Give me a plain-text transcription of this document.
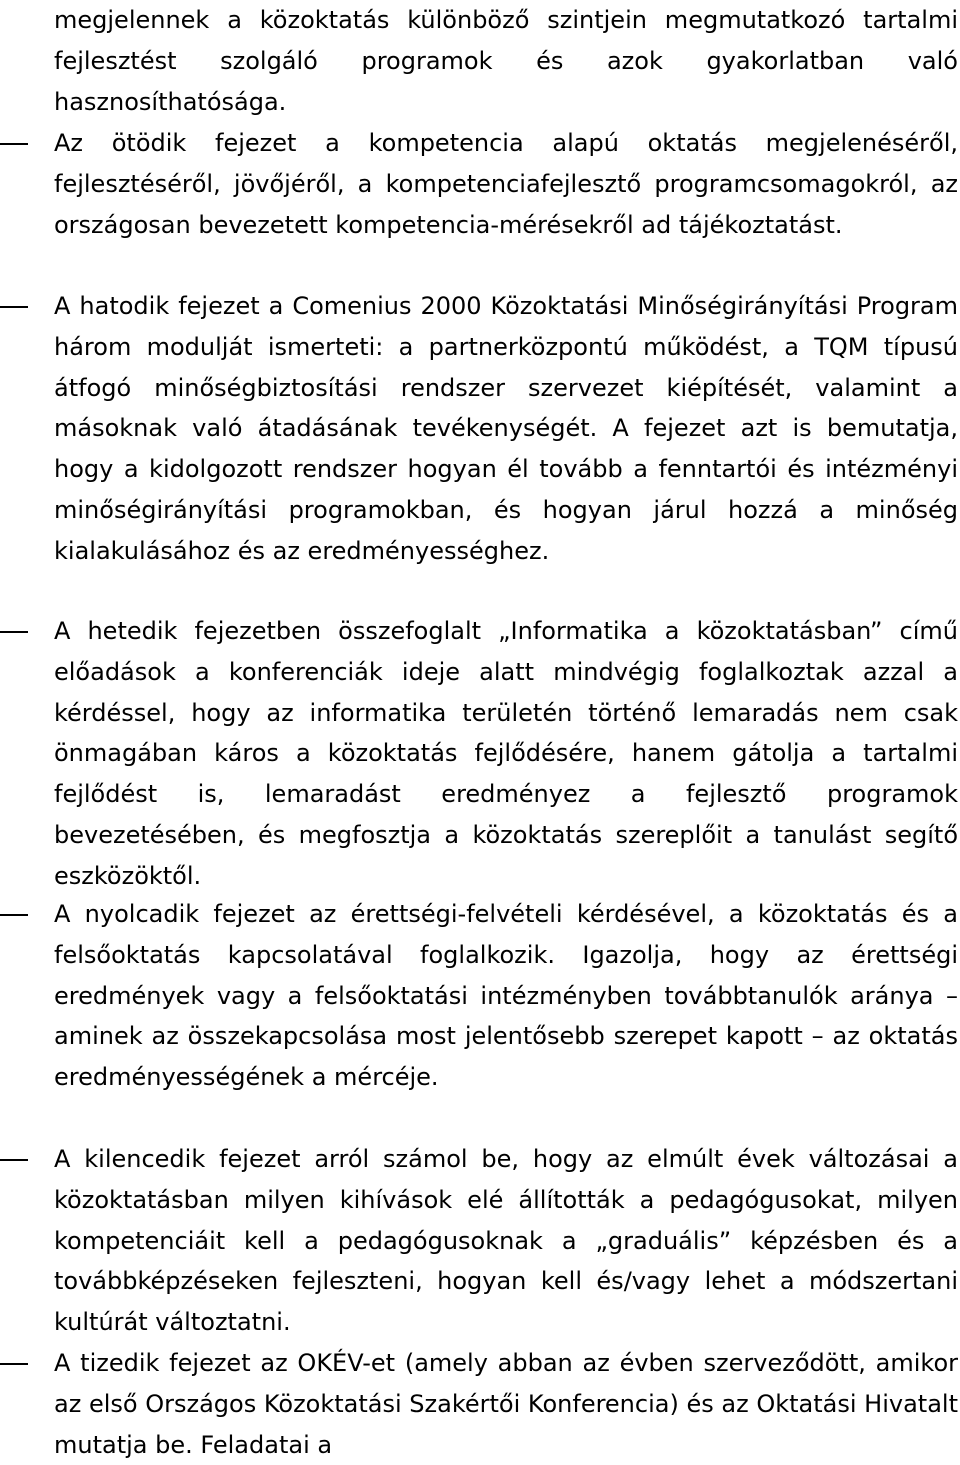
megjelennek a közoktatás különböző szintjein megmutatkozó tartalmi fejlesztést szolgáló programok és azok gyakorlatban való hasznosíthatósága.
Az ötödik fejezet a kompetencia alapú oktatás megjelenéséről, fejlesztéséről, jövőjéről, a kompetenciafejlesztő programcsomagokról, az országosan bevezetett kompetencia-mérésekről ad tájékoztatást.
A hatodik fejezet a Comenius 2000 Közoktatási Minőségirányítási Program három modulját ismerteti: a partnerközpontú működést, a TQM típusú átfogó minőségbiztosítási rendszer szervezet kiépítését, valamint a másoknak való átadásának tevékenységét. A fejezet azt is bemutatja, hogy a kidolgozott rendszer hogyan él tovább a fenntartói és intézményi minőségirányítási programokban, és hogyan járul hozzá a minőség kialakulásához és az eredményességhez.
A hetedik fejezetben összefoglalt „Informatika a közoktatásban” című előadások a konferenciák ideje alatt mindvégig foglalkoztak azzal a kérdéssel, hogy az informatika területén történő lemaradás nem csak önmagában káros a közoktatás fejlődésére, hanem gátolja a tartalmi fejlődést is, lemaradást eredményez a fejlesztő programok bevezetésében, és megfosztja a közoktatás szereplőit a tanulást segítő eszközöktől.
A nyolcadik fejezet az érettségi-felvételi kérdésével, a közoktatás és a felsőoktatás kapcsolatával foglalkozik. Igazolja, hogy az érettségi eredmények vagy a felsőoktatási intézményben továbbtanulók aránya – aminek az összekapcsolása most jelentősebb szerepet kapott – az oktatás eredményességének a mércéje.
A kilencedik fejezet arról számol be, hogy az elmúlt évek változásai a közoktatásban milyen kihívások elé állították a pedagógusokat, milyen kompetenciáit kell a pedagógusoknak a „graduális” képzésben és a továbbképzéseken fejleszteni, hogyan kell és/vagy lehet a módszertani kultúrát változtatni.
A tizedik fejezet az OKÉV-et (amely abban az évben szerveződött, amikor az első Országos Közoktatási Szakértői Konferencia) és az Oktatási Hivatalt mutatja be. Feladatai a
